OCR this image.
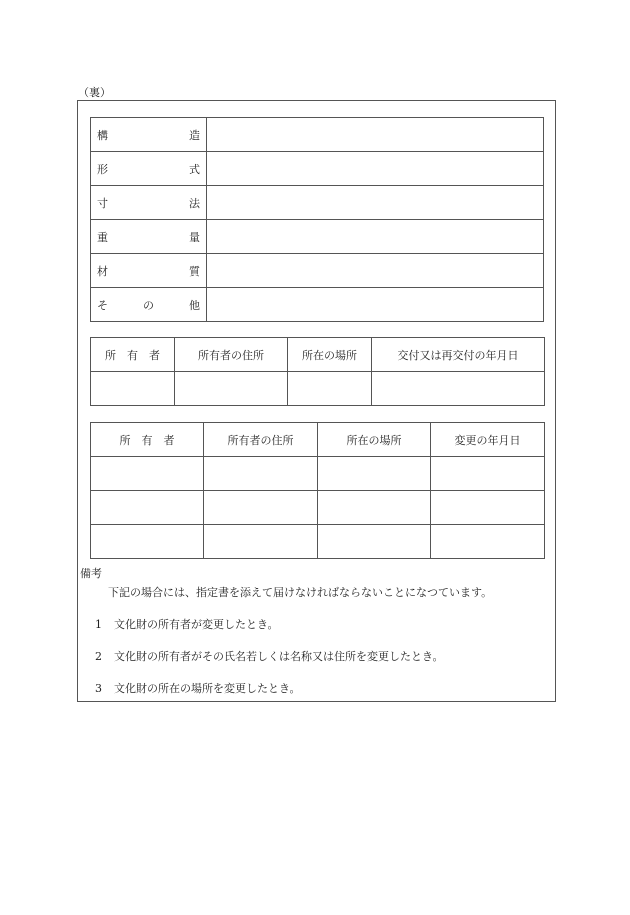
（裏）
構 造	

形 式	

寸 法	

重 量	

材 質	

そ の 他	

所　有　者	所有者の住所	所在の場所	交付又は再交付の年月日

所　有　者	所有者の住所	所在の場所	変更の年月日

備考
下記の場合には、指定書を添えて届けなければならないことになつています。
1 文化財の所有者が変更したとき。
2 文化財の所有者がその氏名若しくは名称又は住所を変更したとき。
3 文化財の所在の場所を変更したとき。
